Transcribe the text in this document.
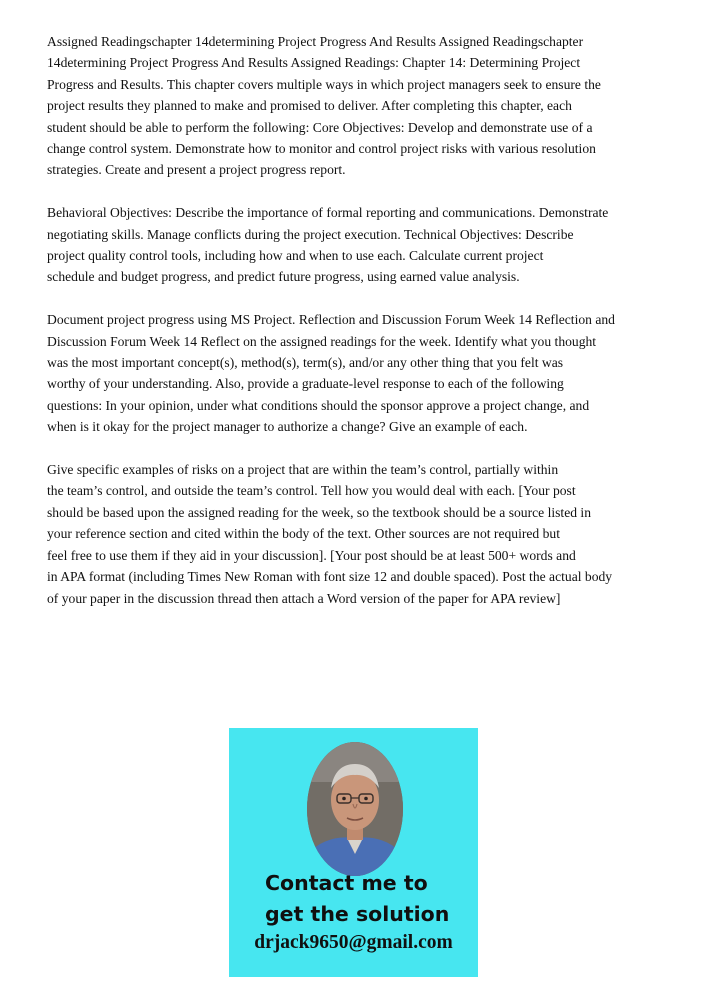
Assigned Readingschapter 14determining Project Progress And Results Assigned Readingschapter
14determining Project Progress And Results Assigned Readings: Chapter 14: Determining Project
Progress and Results. This chapter covers multiple ways in which project managers seek to ensure the
project results they planned to make and promised to deliver. After completing this chapter, each
student should be able to perform the following: Core Objectives: Develop and demonstrate use of a
change control system. Demonstrate how to monitor and control project risks with various resolution
strategies. Create and present a project progress report.

Behavioral Objectives: Describe the importance of formal reporting and communications. Demonstrate
negotiating skills. Manage conflicts during the project execution. Technical Objectives: Describe
project quality control tools, including how and when to use each. Calculate current project
schedule and budget progress, and predict future progress, using earned value analysis.

Document project progress using MS Project. Reflection and Discussion Forum Week 14 Reflection and
Discussion Forum Week 14 Reflect on the assigned readings for the week. Identify what you thought
was the most important concept(s), method(s), term(s), and/or any other thing that you felt was
worthy of your understanding. Also, provide a graduate-level response to each of the following
questions: In your opinion, under what conditions should the sponsor approve a project change, and
when is it okay for the project manager to authorize a change? Give an example of each.

Give specific examples of risks on a project that are within the team’s control, partially within
the team’s control, and outside the team’s control. Tell how you would deal with each. [Your post
should be based upon the assigned reading for the week, so the textbook should be a source listed in
your reference section and cited within the body of the text. Other sources are not required but
feel free to use them if they aid in your discussion]. [Your post should be at least 500+ words and
in APA format (including Times New Roman with font size 12 and double spaced). Post the actual body
of your paper in the discussion thread then attach a Word version of the paper for APA review]

Contact me to
get the solution
drjack9650@gmail.com
